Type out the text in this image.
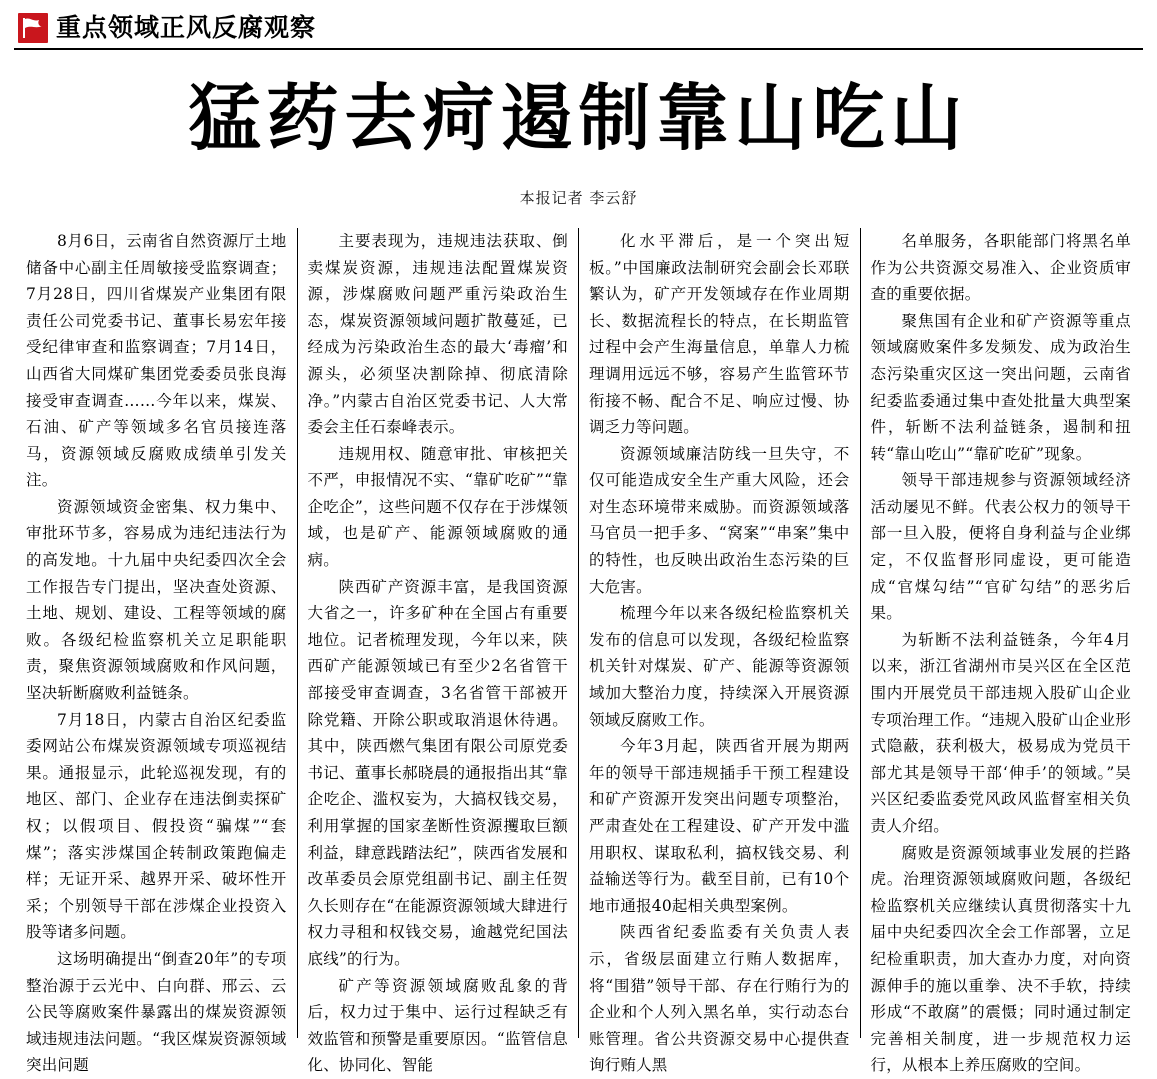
重点领域正风反腐观察
猛药去疴遏制靠山吃山
本报记者 李云舒

8月6日，云南省自然资源厅土地储备中心副主任周敏接受监察调查；7月28日，四川省煤炭产业集团有限责任公司党委书记、董事长易宏年接受纪律审查和监察调查；7月14日，山西省大同煤矿集团党委委员张良海接受审查调查……今年以来，煤炭、石油、矿产等领域多名官员接连落马，资源领域反腐败成绩单引发关注。

资源领域资金密集、权力集中、审批环节多，容易成为违纪违法行为的高发地。十九届中央纪委四次全会工作报告专门提出，坚决查处资源、土地、规划、建设、工程等领域的腐败。各级纪检监察机关立足职能职责，聚焦资源领域腐败和作风问题，坚决斩断腐败利益链条。

7月18日，内蒙古自治区纪委监委网站公布煤炭资源领域专项巡视结果。通报显示，此轮巡视发现，有的地区、部门、企业存在违法倒卖探矿权；以假项目、假投资“骗煤”“套煤”；落实涉煤国企转制政策跑偏走样；无证开采、越界开采、破坏性开采；个别领导干部在涉煤企业投资入股等诸多问题。

这场明确提出“倒查20年”的专项整治源于云光中、白向群、邢云、云公民等腐败案件暴露出的煤炭资源领域违规违法问题。“我区煤炭资源领域突出问题

主要表现为，违规违法获取、倒卖煤炭资源，违规违法配置煤炭资源，涉煤腐败问题严重污染政治生态，煤炭资源领域问题扩散蔓延，已经成为污染政治生态的最大‘毒瘤’和源头，必须坚决割除掉、彻底清除净。”内蒙古自治区党委书记、人大常委会主任石泰峰表示。

违规用权、随意审批、审核把关不严，申报情况不实、“靠矿吃矿”“靠企吃企”，这些问题不仅存在于涉煤领域，也是矿产、能源领域腐败的通病。

陕西矿产资源丰富，是我国资源大省之一，许多矿种在全国占有重要地位。记者梳理发现，今年以来，陕西矿产能源领域已有至少2名省管干部接受审查调查，3名省管干部被开除党籍、开除公职或取消退休待遇。其中，陕西燃气集团有限公司原党委书记、董事长郝晓晨的通报指出其“靠企吃企、滥权妄为，大搞权钱交易，利用掌握的国家垄断性资源攫取巨额利益，肆意践踏法纪”，陕西省发展和改革委员会原党组副书记、副主任贺久长则存在“在能源资源领域大肆进行权力寻租和权钱交易，逾越党纪国法底线”的行为。

矿产等资源领域腐败乱象的背后，权力过于集中、运行过程缺乏有效监管和预警是重要原因。“监管信息化、协同化、智能

化水平滞后，是一个突出短板。”中国廉政法制研究会副会长邓联繁认为，矿产开发领域存在作业周期长、数据流程长的特点，在长期监管过程中会产生海量信息，单靠人力梳理调用远远不够，容易产生监管环节衔接不畅、配合不足、响应过慢、协调乏力等问题。

资源领域廉洁防线一旦失守，不仅可能造成安全生产重大风险，还会对生态环境带来威胁。而资源领域落马官员一把手多、“窝案”“串案”集中的特性，也反映出政治生态污染的巨大危害。

梳理今年以来各级纪检监察机关发布的信息可以发现，各级纪检监察机关针对煤炭、矿产、能源等资源领域加大整治力度，持续深入开展资源领域反腐败工作。

今年3月起，陕西省开展为期两年的领导干部违规插手干预工程建设和矿产资源开发突出问题专项整治，严肃查处在工程建设、矿产开发中滥用职权、谋取私利，搞权钱交易、利益输送等行为。截至目前，已有10个地市通报40起相关典型案例。

陕西省纪委监委有关负责人表示，省级层面建立行贿人数据库，将“围猎”领导干部、存在行贿行为的企业和个人列入黑名单，实行动态台账管理。省公共资源交易中心提供查询行贿人黑

名单服务，各职能部门将黑名单作为公共资源交易准入、企业资质审查的重要依据。

聚焦国有企业和矿产资源等重点领域腐败案件多发频发、成为政治生态污染重灾区这一突出问题，云南省纪委监委通过集中查处批量大典型案件，斩断不法利益链条，遏制和扭转“靠山吃山”“靠矿吃矿”现象。

领导干部违规参与资源领域经济活动屡见不鲜。代表公权力的领导干部一旦入股，便将自身利益与企业绑定，不仅监督形同虚设，更可能造成“官煤勾结”“官矿勾结”的恶劣后果。

为斩断不法利益链条，今年4月以来，浙江省湖州市吴兴区在全区范围内开展党员干部违规入股矿山企业专项治理工作。“违规入股矿山企业形式隐蔽，获利极大，极易成为党员干部尤其是领导干部‘伸手’的领域。”吴兴区纪委监委党风政风监督室相关负责人介绍。

腐败是资源领域事业发展的拦路虎。治理资源领域腐败问题，各级纪检监察机关应继续认真贯彻落实十九届中央纪委四次全会工作部署，立足纪检重职责，加大查办力度，对向资源伸手的施以重拳、决不手软，持续形成“不敢腐”的震慑；同时通过制定完善相关制度，进一步规范权力运行，从根本上养压腐败的空间。
